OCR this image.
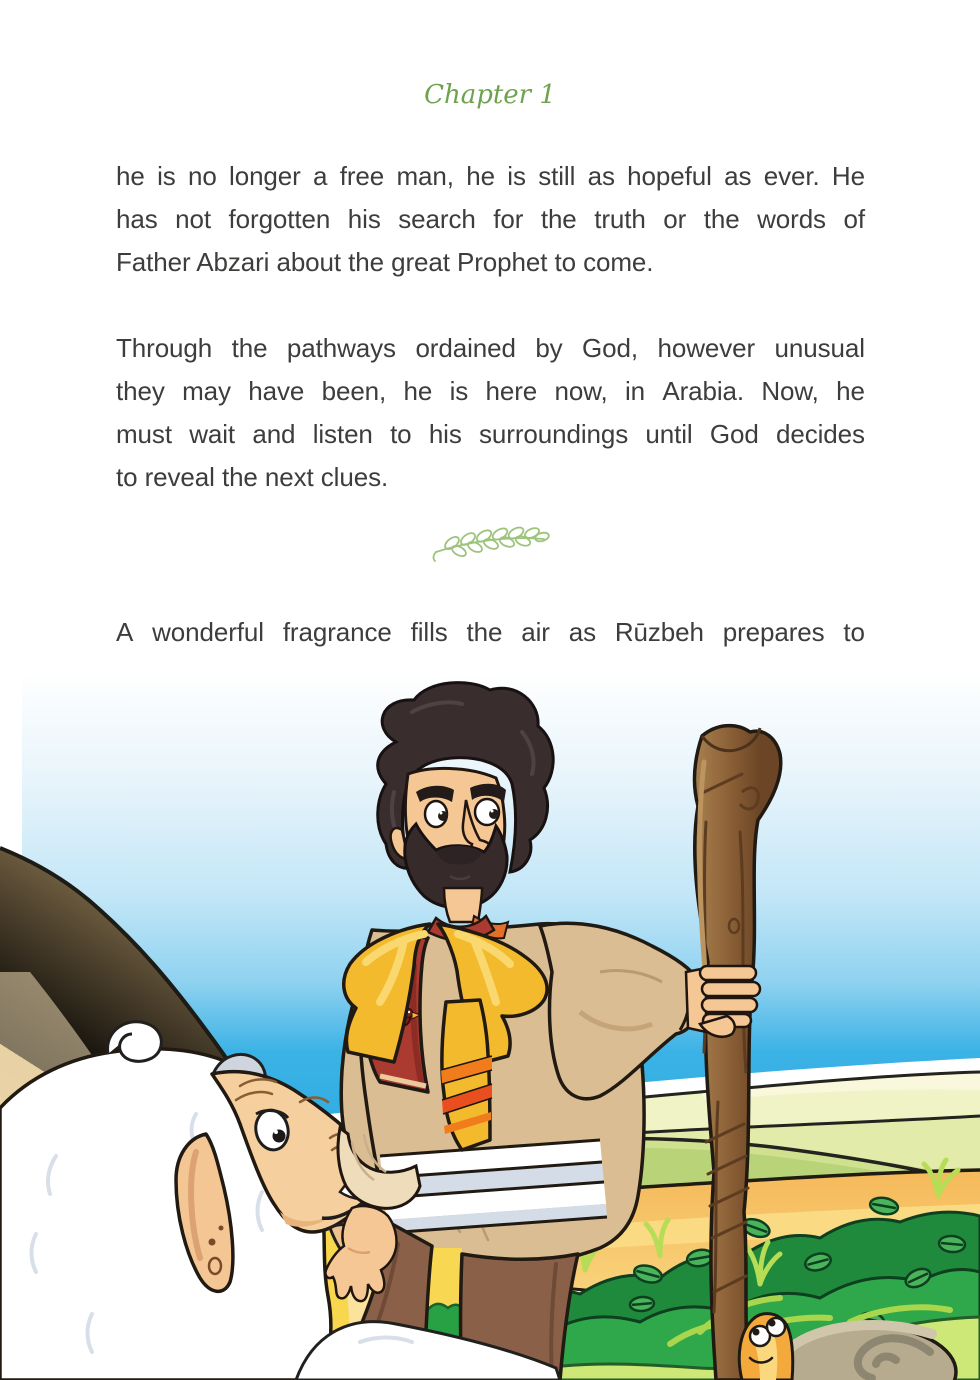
Chapter 1
he is no longer a free man, he is still as hopeful as ever. He
has not forgotten his search for the truth or the words of
Father Abzari about the great Prophet to come.
Through the pathways ordained by God, however unusual
they may have been, he is here now, in Arabia. Now, he
must wait and listen to his surroundings until God decides
to reveal the next clues.
A wonderful fragrance fills the air as Rūzbeh prepares to
